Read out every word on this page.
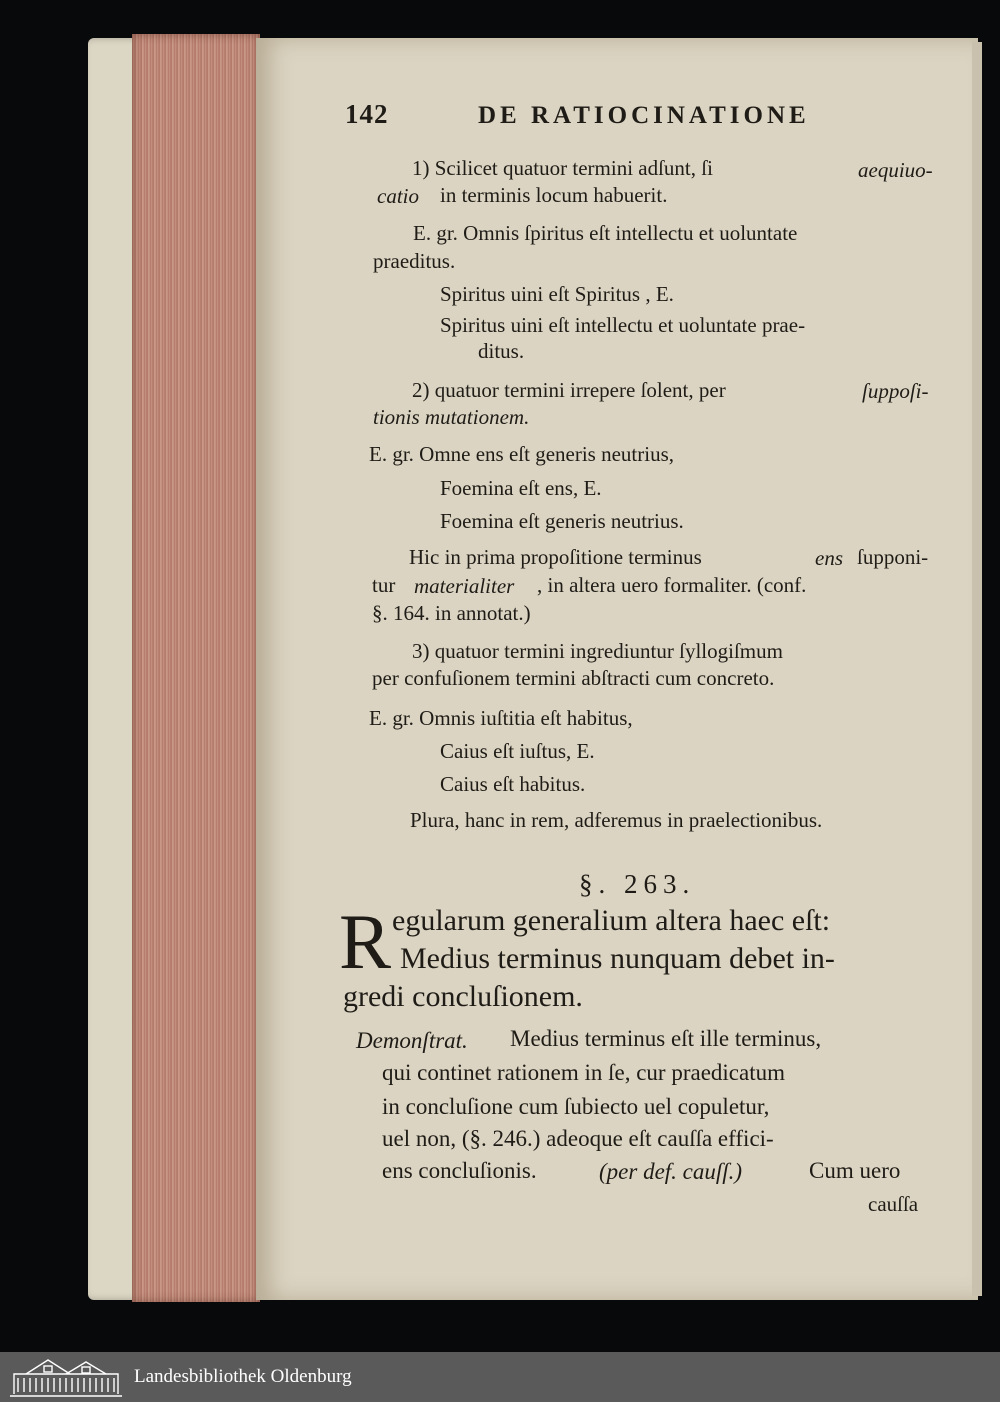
142	DE RATIOCINATIONE
1) Scilicet quatuor termini adſunt, ſi	aequiuo-
catio in terminis locum habuerit.
E. gr. Omnis ſpiritus eſt intellectu et uoluntate
praeditus.
Spiritus uini eſt Spiritus , E.
Spiritus uini eſt intellectu et uoluntate prae-
ditus.
2) quatuor termini irrepere ſolent, per	ſuppoſi-
tionis mutationem.
E. gr. Omne ens eſt generis neutrius,
Foemina eſt ens, E.
Foemina eſt generis neutrius.
Hic in prima propoſitione terminus	ens ſupponi-
tur materialiter , in altera uero formaliter. (conf.
§. 164. in annotat.)
3) quatuor termini ingrediuntur ſyllogiſmum
per confuſionem termini abſtracti cum concreto.
E. gr. Omnis iuſtitia eſt habitus,
Caius eſt iuſtus, E.
Caius eſt habitus.
Plura, hanc in rem, adferemus in praelectionibus.
§. 263.
R egularum generalium altera haec eſt:
Medius terminus nunquam debet in-
gredi concluſionem.
Demonſtrat. Medius terminus eſt ille terminus,
qui continet rationem in ſe, cur praedicatum
in concluſione cum ſubiecto uel copuletur,
uel non, (§. 246.) adeoque eſt cauſſa effici-
ens concluſionis.	(per def. cauſſ.)	Cum uero
cauſſa
Landesbibliothek Oldenburg
